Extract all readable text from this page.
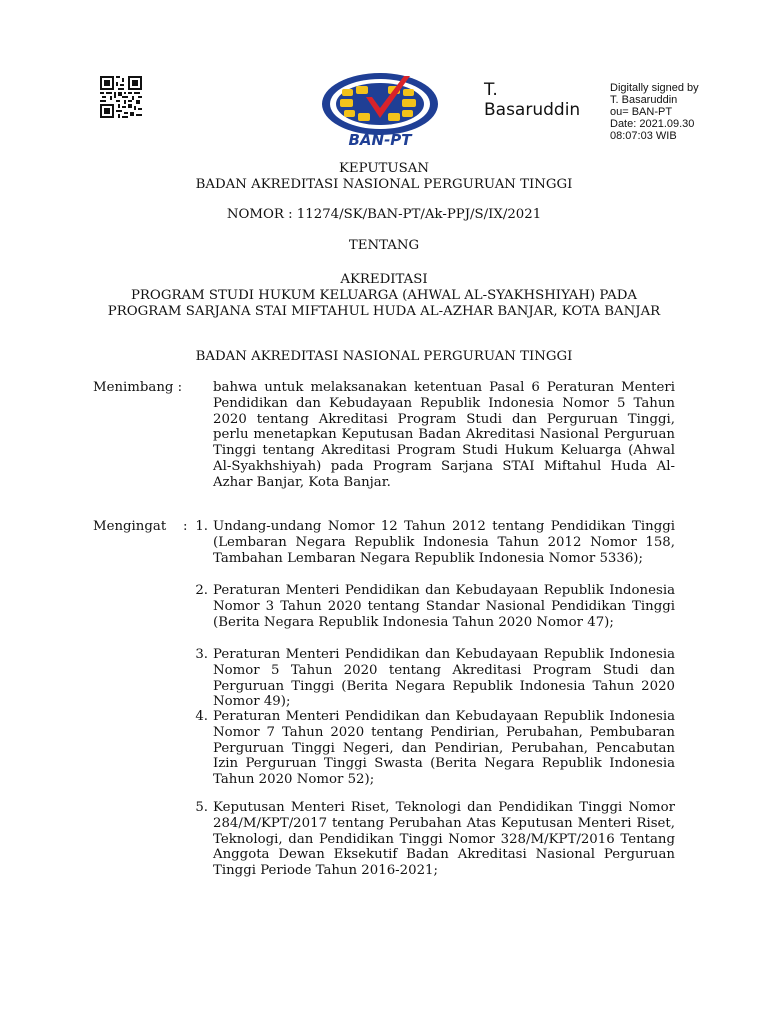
BAN-PT
T. Basaruddin
Digitally signed by
T. Basaruddin
ou= BAN-PT
Date: 2021.09.30
08:07:03 WIB
KEPUTUSAN
BADAN AKREDITASI NASIONAL PERGURUAN TINGGI
NOMOR : 11274/SK/BAN-PT/Ak-PPJ/S/IX/2021
TENTANG
AKREDITASI
PROGRAM STUDI HUKUM KELUARGA (AHWAL AL-SYAKHSHIYAH) PADA PROGRAM SARJANA STAI MIFTAHUL HUDA AL-AZHAR BANJAR, KOTA BANJAR
BADAN AKREDITASI NASIONAL PERGURUAN TINGGI
Menimbang : bahwa untuk melaksanakan ketentuan Pasal 6 Peraturan Menteri Pendidikan dan Kebudayaan Republik Indonesia Nomor 5 Tahun 2020 tentang Akreditasi Program Studi dan Perguruan Tinggi, perlu menetapkan Keputusan Badan Akreditasi Nasional Perguruan Tinggi tentang Akreditasi Program Studi Hukum Keluarga (Ahwal Al-Syakhshiyah) pada Program Sarjana STAI Miftahul Huda Al-Azhar Banjar, Kota Banjar.
Mengingat : 1. Undang-undang Nomor 12 Tahun 2012 tentang Pendidikan Tinggi (Lembaran Negara Republik Indonesia Tahun 2012 Nomor 158, Tambahan Lembaran Negara Republik Indonesia Nomor 5336);
2. Peraturan Menteri Pendidikan dan Kebudayaan Republik Indonesia Nomor 3 Tahun 2020 tentang Standar Nasional Pendidikan Tinggi (Berita Negara Republik Indonesia Tahun 2020 Nomor 47);
3. Peraturan Menteri Pendidikan dan Kebudayaan Republik Indonesia Nomor 5 Tahun 2020 tentang Akreditasi Program Studi dan Perguruan Tinggi (Berita Negara Republik Indonesia Tahun 2020 Nomor 49);
4. Peraturan Menteri Pendidikan dan Kebudayaan Republik Indonesia Nomor 7 Tahun 2020 tentang Pendirian, Perubahan, Pembubaran Perguruan Tinggi Negeri, dan Pendirian, Perubahan, Pencabutan Izin Perguruan Tinggi Swasta (Berita Negara Republik Indonesia Tahun 2020 Nomor 52);
5. Keputusan Menteri Riset, Teknologi dan Pendidikan Tinggi Nomor 284/M/KPT/2017 tentang Perubahan Atas Keputusan Menteri Riset, Teknologi, dan Pendidikan Tinggi Nomor 328/M/KPT/2016 Tentang Anggota Dewan Eksekutif Badan Akreditasi Nasional Perguruan Tinggi Periode Tahun 2016-2021;
